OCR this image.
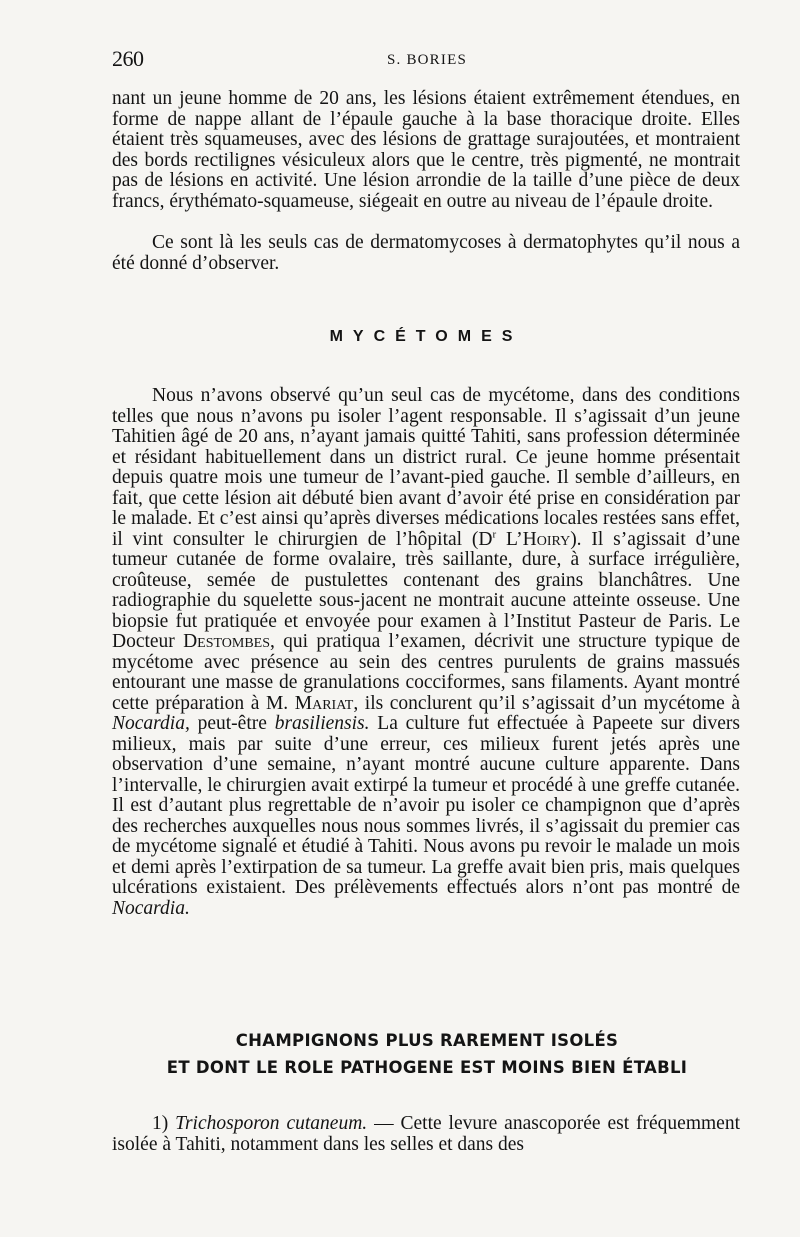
260	S. BORIES

nant un jeune homme de 20 ans, les lésions étaient extrêmement étendues, en forme de nappe allant de l’épaule gauche à la base thoracique droite. Elles étaient très squameuses, avec des lésions de grattage surajoutées, et montraient des bords rectilignes vésiculeux alors que le centre, très pigmenté, ne montrait pas de lésions en activité. Une lésion arrondie de la taille d’une pièce de deux francs, érythémato-squameuse, siégeait en outre au niveau de l’épaule droite.

Ce sont là les seuls cas de dermatomycoses à dermatophytes qu’il nous a été donné d’observer.

MYCÉTOMES

Nous n’avons observé qu’un seul cas de mycétome, dans des conditions telles que nous n’avons pu isoler l’agent responsable. Il s’agissait d’un jeune Tahitien âgé de 20 ans, n’ayant jamais quitté Tahiti, sans profession déterminée et résidant habituellement dans un district rural. Ce jeune homme présentait depuis quatre mois une tumeur de l’avant-pied gauche. Il semble d’ailleurs, en fait, que cette lésion ait débuté bien avant d’avoir été prise en considération par le malade. Et c’est ainsi qu’après diverses médications locales restées sans effet, il vint consulter le chirurgien de l’hôpital ($D^r$ L’Hoiry). Il s’agissait d’une tumeur cutanée de forme ovalaire, très saillante, dure, à surface irrégulière, croûteuse, semée de pustulettes contenant des grains blanchâtres. Une radiographie du squelette sous-jacent ne montrait aucune atteinte osseuse. Une biopsie fut pratiquée et envoyée pour examen à l’Institut Pasteur de Paris. Le Docteur Destombes, qui pratiqua l’examen, décrivit une structure typique de mycétome avec présence au sein des centres purulents de grains massués entourant une masse de granulations cocciformes, sans filaments. Ayant montré cette préparation à M. Mariat, ils conclurent qu’il s’agissait d’un mycétome à Nocardia, peut-être brasiliensis. La culture fut effectuée à Papeete sur divers milieux, mais par suite d’une erreur, ces milieux furent jetés après une observation d’une semaine, n’ayant montré aucune culture apparente. Dans l’intervalle, le chirurgien avait extirpé la tumeur et procédé à une greffe cutanée. Il est d’autant plus regrettable de n’avoir pu isoler ce champignon que d’après des recherches auxquelles nous nous sommes livrés, il s’agissait du premier cas de mycétome signalé et étudié à Tahiti. Nous avons pu revoir le malade un mois et demi après l’extirpation de sa tumeur. La greffe avait bien pris, mais quelques ulcérations existaient. Des prélèvements effectués alors n’ont pas montré de Nocardia.

CHAMPIGNONS PLUS RAREMENT ISOLÉS
ET DONT LE ROLE PATHOGENE EST MOINS BIEN ÉTABLI

1) Trichosporon cutaneum. — Cette levure anascoporée est fréquemment isolée à Tahiti, notamment dans les selles et dans des
